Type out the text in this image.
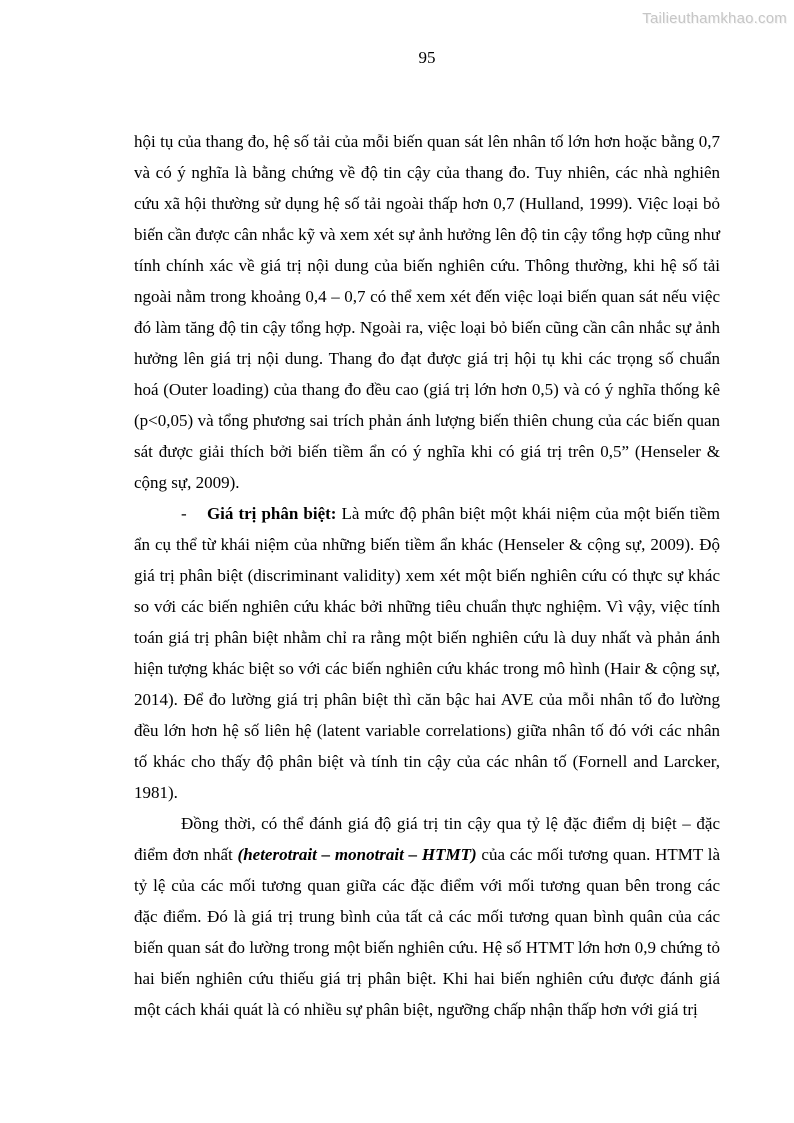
Tailieuthamkhao.com
95

hội tụ của thang đo, hệ số tải của mỗi biến quan sát lên nhân tố lớn hơn hoặc bằng 0,7 và có ý nghĩa là bằng chứng về độ tin cậy của thang đo. Tuy nhiên, các nhà nghiên cứu xã hội thường sử dụng hệ số tải ngoài thấp hơn 0,7 (Hulland, 1999). Việc loại bỏ biến cần được cân nhắc kỹ và xem xét sự ảnh hưởng lên độ tin cậy tổng hợp cũng như tính chính xác về giá trị nội dung của biến nghiên cứu. Thông thường, khi hệ số tải ngoài nằm trong khoảng 0,4 – 0,7 có thể xem xét đến việc loại biến quan sát nếu việc đó làm tăng độ tin cậy tổng hợp. Ngoài ra, việc loại bỏ biến cũng cần cân nhắc sự ảnh hưởng lên giá trị nội dung. Thang đo đạt được giá trị hội tụ khi các trọng số chuẩn hoá (Outer loading) của thang đo đều cao (giá trị lớn hơn 0,5) và có ý nghĩa thống kê (p<0,05) và tổng phương sai trích phản ánh lượng biến thiên chung của các biến quan sát được giải thích bởi biến tiềm ẩn có ý nghĩa khi có giá trị trên 0,5” (Henseler & cộng sự, 2009).

-    Giá trị phân biệt: Là mức độ phân biệt một khái niệm của một biến tiềm ẩn cụ thể từ khái niệm của những biến tiềm ẩn khác (Henseler & cộng sự, 2009). Độ giá trị phân biệt (discriminant validity) xem xét một biến nghiên cứu có thực sự khác so với các biến nghiên cứu khác bởi những tiêu chuẩn thực nghiệm. Vì vậy, việc tính toán giá trị phân biệt nhằm chỉ ra rằng một biến nghiên cứu là duy nhất và phản ánh hiện tượng khác biệt so với các biến nghiên cứu khác trong mô hình (Hair & cộng sự, 2014). Để đo lường giá trị phân biệt thì căn bậc hai AVE của mỗi nhân tố đo lường đều lớn hơn hệ số liên hệ (latent variable correlations) giữa nhân tố đó với các nhân tố khác cho thấy độ phân biệt và tính tin cậy của các nhân tố (Fornell and Larcker, 1981).

Đồng thời, có thể đánh giá độ giá trị tin cậy qua tỷ lệ đặc điểm dị biệt – đặc điểm đơn nhất (heterotrait – monotrait – HTMT) của các mối tương quan. HTMT là tỷ lệ của các mối tương quan giữa các đặc điểm với mối tương quan bên trong các đặc điểm. Đó là giá trị trung bình của tất cả các mối tương quan bình quân của các biến quan sát đo lường trong một biến nghiên cứu. Hệ số HTMT lớn hơn 0,9 chứng tỏ hai biến nghiên cứu thiếu giá trị phân biệt. Khi hai biến nghiên cứu được đánh giá một cách khái quát là có nhiều sự phân biệt, ngưỡng chấp nhận thấp hơn với giá trị
